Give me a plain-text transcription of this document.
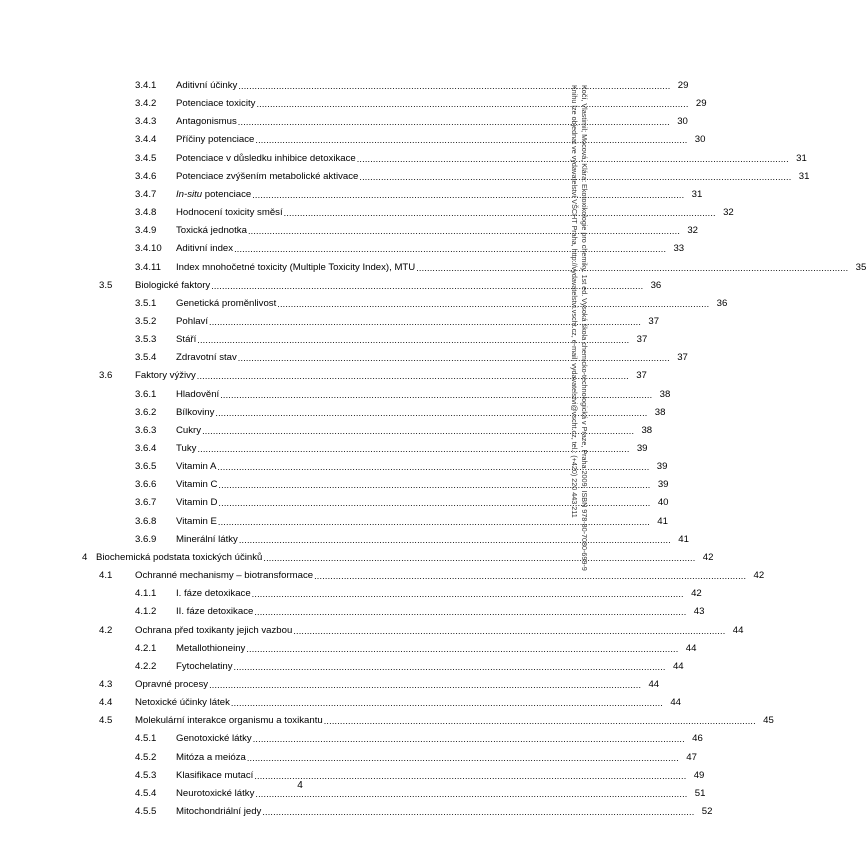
3.4.1 Aditivní účinky ................................................................................................................................................................ 29
3.4.2 Potenciace toxicity ................................................................................................................................................................ 29
3.4.3 Antagonismus ................................................................................................................................................................ 30
3.4.4 Příčiny potenciace ................................................................................................................................................................ 30
3.4.5 Potenciace v důsledku inhibice detoxikace ................................................................................................................................................................ 31
3.4.6 Potenciace zvýšením metabolické aktivace ................................................................................................................................................................ 31
3.4.7 In-situ potenciace ................................................................................................................................................................ 31
3.4.8 Hodnocení toxicity směsí ................................................................................................................................................................ 32
3.4.9 Toxická jednotka ................................................................................................................................................................ 32
3.4.10 Aditivní index ................................................................................................................................................................ 33
3.4.11 Index mnohočetné toxicity (Multiple Toxicity Index), MTU ................................................................................................................................................................ 35
3.5 Biologické faktory ................................................................................................................................................................ 36
3.5.1 Genetická proměnlivost ................................................................................................................................................................ 36
3.5.2 Pohlaví ................................................................................................................................................................ 37
3.5.3 Stáří ................................................................................................................................................................ 37
3.5.4 Zdravotní stav ................................................................................................................................................................ 37
3.6 Faktory výživy ................................................................................................................................................................ 37
3.6.1 Hladovění ................................................................................................................................................................ 38
3.6.2 Bílkoviny ................................................................................................................................................................ 38
3.6.3 Cukry ................................................................................................................................................................ 38
3.6.4 Tuky ................................................................................................................................................................ 39
3.6.5 Vitamin A ................................................................................................................................................................ 39
3.6.6 Vitamin C ................................................................................................................................................................ 39
3.6.7 Vitamin D ................................................................................................................................................................ 40
3.6.8 Vitamin E ................................................................................................................................................................ 41
3.6.9 Minerální látky ................................................................................................................................................................ 41
4 Biochemická podstata toxických účinků ................................................................................................................................................................ 42
4.1 Ochranné mechanismy – biotransformace ................................................................................................................................................................ 42
4.1.1 I. fáze detoxikace ................................................................................................................................................................ 42
4.1.2 II. fáze detoxikace ................................................................................................................................................................ 43
4.2 Ochrana před toxikanty jejich vazbou ................................................................................................................................................................ 44
4.2.1 Metallothioneiny ................................................................................................................................................................ 44
4.2.2 Fytochelatiny ................................................................................................................................................................ 44
4.3 Opravné procesy ................................................................................................................................................................ 44
4.4 Netoxické účinky látek ................................................................................................................................................................ 44
4.5 Molekulární interakce organismu a toxikantu ................................................................................................................................................................ 45
4.5.1 Genotoxické látky ................................................................................................................................................................ 46
4.5.2 Mitóza a meióza ................................................................................................................................................................ 47
4.5.3 Klasifikace mutací ................................................................................................................................................................ 49
4.5.4 Neurotoxické látky ................................................................................................................................................................ 51
4.5.5 Mitochondriální jedy ................................................................................................................................................................ 52
Kočí, Vlastimil; Mocová, Klára: Ekotoxikologie pro chemiky. 1st ed. Vysoká škola chemicko-technologická v Praze, Praha 2009. ISBN 978-80-7080-699-9
Knihu lze objednat ve vydavatelství VŠCHT Praha, http://vydavatelstvi.vscht.cz, e-mail: vydavatelstvi@vscht.cz, tel.: (+420) 220 443 211
4
